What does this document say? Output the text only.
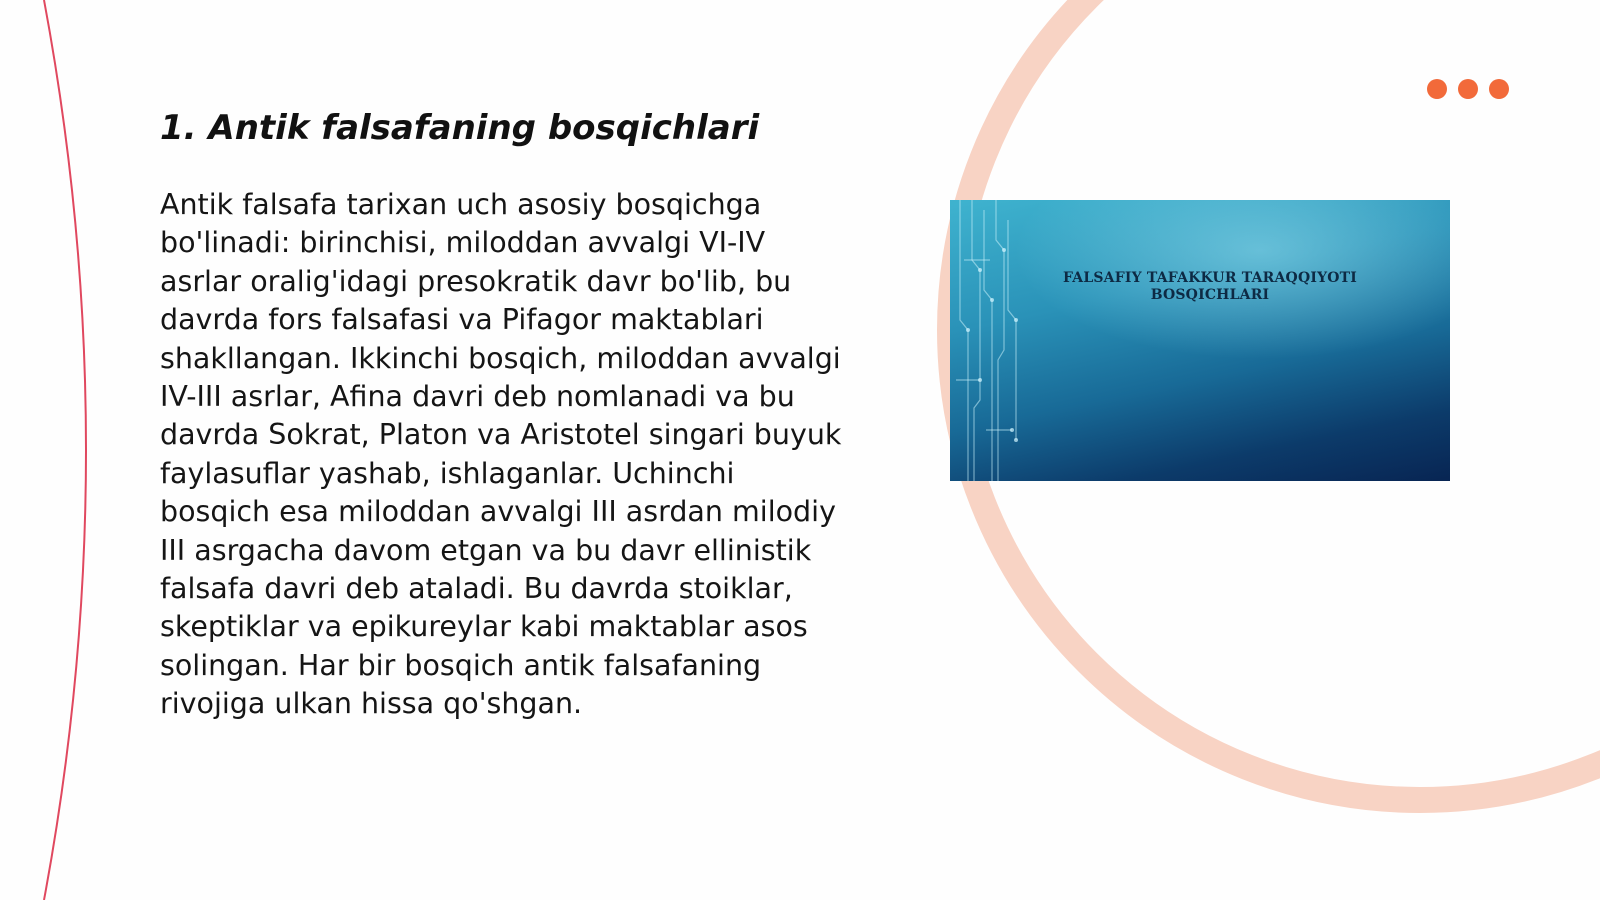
1. Antik falsafaning bosqichlari

Antik falsafa tarixan uch asosiy bosqichga bo'linadi: birinchisi, miloddan avvalgi VI-IV asrlar oralig'idagi presokratik davr bo'lib, bu davrda fors falsafasi va Pifagor maktablari shakllangan. Ikkinchi bosqich, miloddan avvalgi IV-III asrlar, Afina davri deb nomlanadi va bu davrda Sokrat, Platon va Aristotel singari buyuk faylasuflar yashab, ishlaganlar. Uchinchi bosqich esa miloddan avvalgi III asrdan milodiy III asrgacha davom etgan va bu davr ellinistik falsafa davri deb ataladi. Bu davrda stoiklar, skeptiklar va epikureylar kabi maktablar asos solingan. Har bir bosqich antik falsafaning rivojiga ulkan hissa qo'shgan.

FALSAFIY TAFAKKUR TARAQQIYOTI
BOSQICHLARI
